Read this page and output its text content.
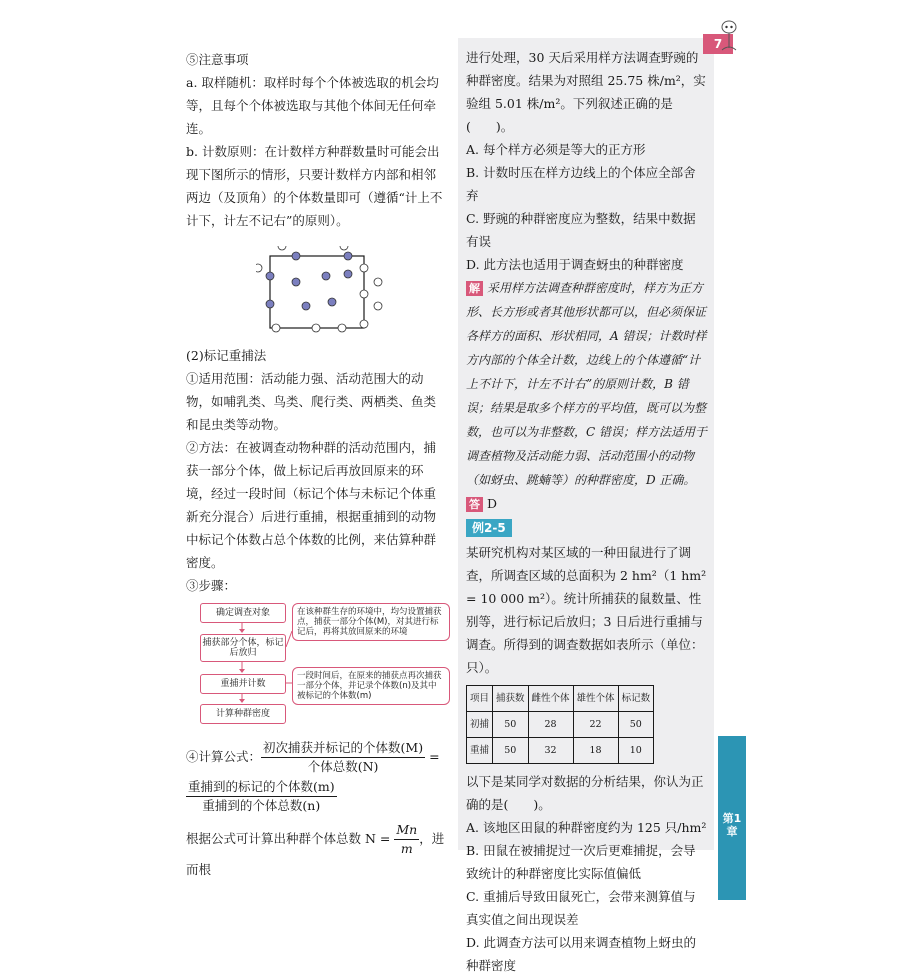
⑤注意事项

a. 取样随机：取样时每个个体被选取的机会均等，且每个个体被选取与其他个体间无任何牵连。

b. 计数原则：在计数样方种群数量时可能会出现下图所示的情形，只要计数样方内部和相邻两边（及顶角）的个体数量即可（遵循“计上不计下，计左不记右”的原则）。

(2)标记重捕法

①适用范围：活动能力强、活动范围大的动物，如哺乳类、鸟类、爬行类、两栖类、鱼类和昆虫类等动物。

②方法：在被调查动物种群的活动范围内，捕获一部分个体，做上标记后再放回原来的环境，经过一段时间（标记个体与未标记个体重新充分混合）后进行重捕，根据重捕到的动物中标记个体数占总个体数的比例，来估算种群密度。

③步骤：

确定调查对象
捕获部分个体，标记后放归
重捕并计数
计算种群密度
在该种群生存的环境中，均匀设置捕获点，捕获一部分个体(M)，对其进行标记后，再将其放回原来的环境
一段时间后，在原来的捕获点再次捕获一部分个体，并记录个体数(n)及其中被标记的个体数(m)
④计算公式： $\frac{\text{初次捕获并标记的个体数(M)}}{\text{个体总数(N)}}$ =
$\frac{\text{重捕到的标记的个体数(m)}}{\text{重捕到的个体总数(n)}}$
根据公式可计算出种群个体总数 $N = \frac{Mn}{m}$ ，进而根

进行处理，30 天后采用样方法调查野豌的种群密度。结果为对照组 25.75 株/m²，实验组 5.01 株/m²。下列叙述正确的是(　　)。

A. 每个样方必须是等大的正方形

B. 计数时压在样方边线上的个体应全部舍弃

C. 野豌的种群密度应为整数，结果中数据有误

D. 此方法也适用于调查蚜虫的种群密度

解 采用样方法调查种群密度时，样方为正方形、长方形或者其他形状都可以，但必须保证各样方的面积、形状相同，A 错误；计数时样方内部的个体全计数，边线上的个体遵循“计上不计下，计左不计右”的原则计数，B 错误；结果是取多个样方的平均值，既可以为整数，也可以为非整数，C 错误；样方法适用于调查植物及活动能力弱、活动范围小的动物（如蚜虫、跳蝻等）的种群密度，D 正确。

答 D

例2-5

某研究机构对某区域的一种田鼠进行了调查，所调查区域的总面积为 2 hm²（1 hm² = 10 000 m²）。统计所捕获的鼠数量、性别等，进行标记后放归；3 日后进行重捕与调查。所得到的调查数据如表所示（单位：只）。

项目	捕获数	雌性个体	雄性个体	标记数
初捕	50	28	22	50
重捕	50	32	18	10

以下是某同学对数据的分析结果，你认为正确的是(　　)。

A. 该地区田鼠的种群密度约为 125 只/hm²

B. 田鼠在被捕捉过一次后更难捕捉，会导致统计的种群密度比实际值偏低

C. 重捕后导致田鼠死亡，会带来测算值与真实值之间出现误差

D. 此调查方法可以用来调查植物上蚜虫的种群密度

7
第1章
